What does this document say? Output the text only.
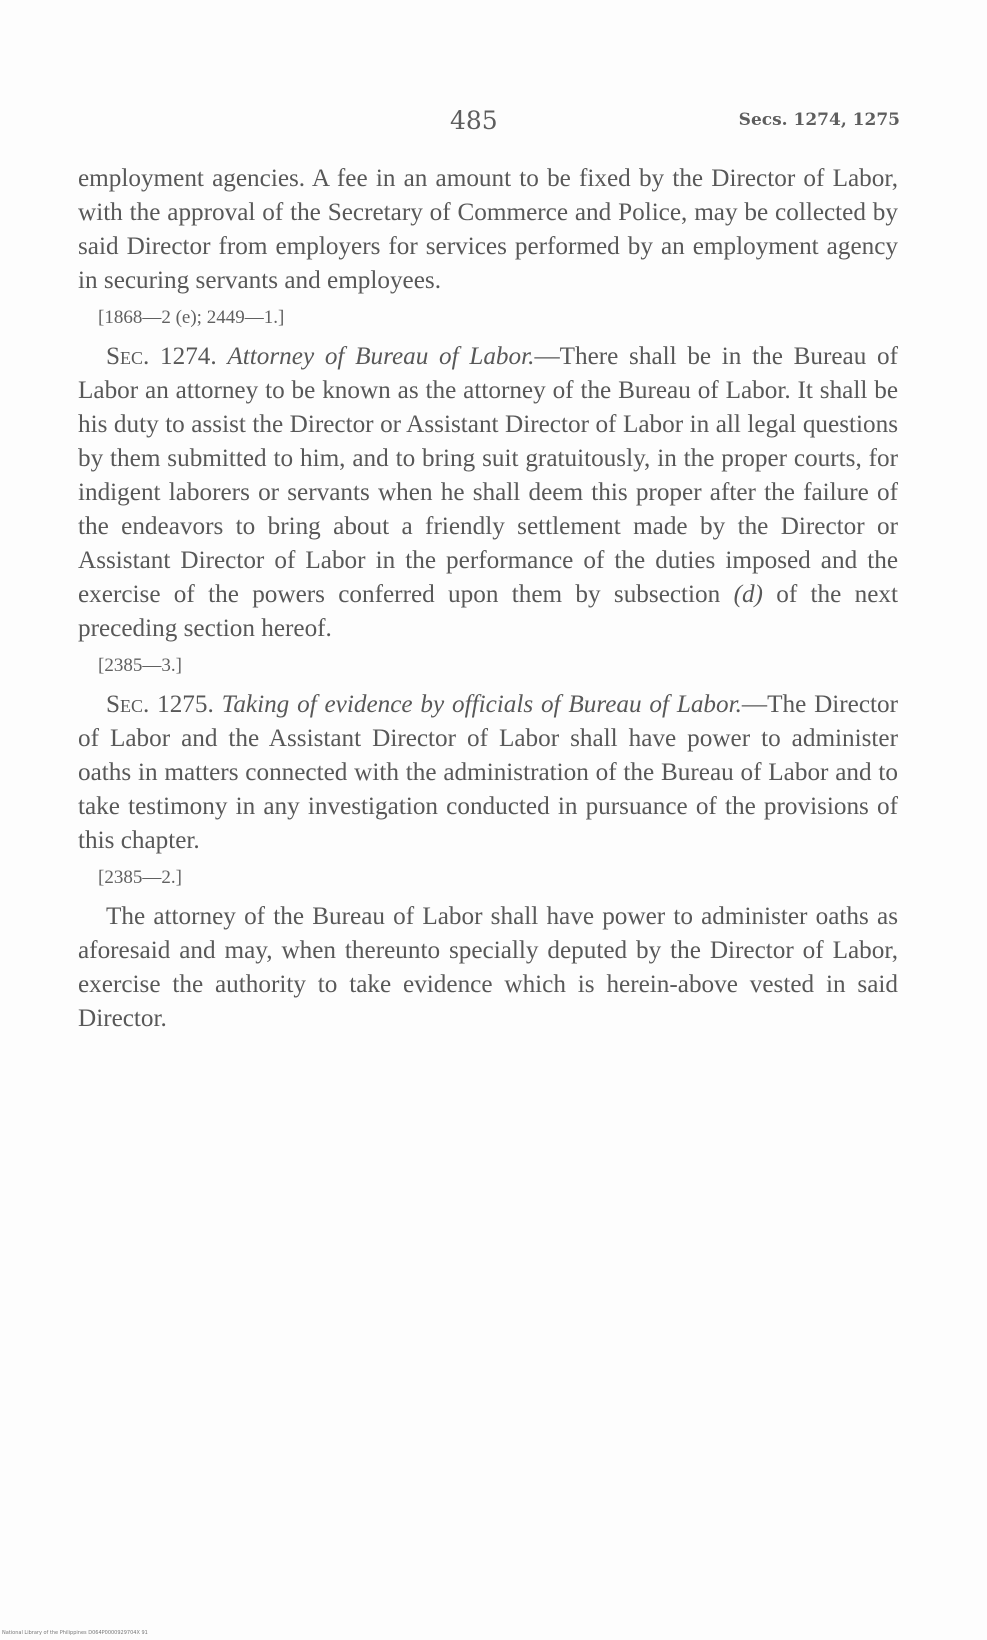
485	Secs. 1274, 1275

employment agencies. A fee in an amount to be fixed by the Director of Labor, with the approval of the Secretary of Commerce and Police, may be collected by said Director from employers for services performed by an employment agency in securing servants and employees.

[1868—2 (e); 2449—1.]

Sec. 1274. Attorney of Bureau of Labor.—There shall be in the Bureau of Labor an attorney to be known as the attorney of the Bureau of Labor. It shall be his duty to assist the Director or Assistant Director of Labor in all legal questions by them submitted to him, and to bring suit gratuitously, in the proper courts, for indigent laborers or servants when he shall deem this proper after the failure of the endeavors to bring about a friendly settlement made by the Director or Assistant Director of Labor in the performance of the duties imposed and the exercise of the powers conferred upon them by subsection (d) of the next preceding section hereof.

[2385—3.]

Sec. 1275. Taking of evidence by officials of Bureau of Labor.—The Director of Labor and the Assistant Director of Labor shall have power to administer oaths in matters connected with the administration of the Bureau of Labor and to take testimony in any investigation conducted in pursuance of the provisions of this chapter.

[2385—2.]

The attorney of the Bureau of Labor shall have power to administer oaths as aforesaid and may, when thereunto specially deputed by the Director of Labor, exercise the authority to take evidence which is herein-above vested in said Director.

National Library of the Philippines D064P0000929704X 91
